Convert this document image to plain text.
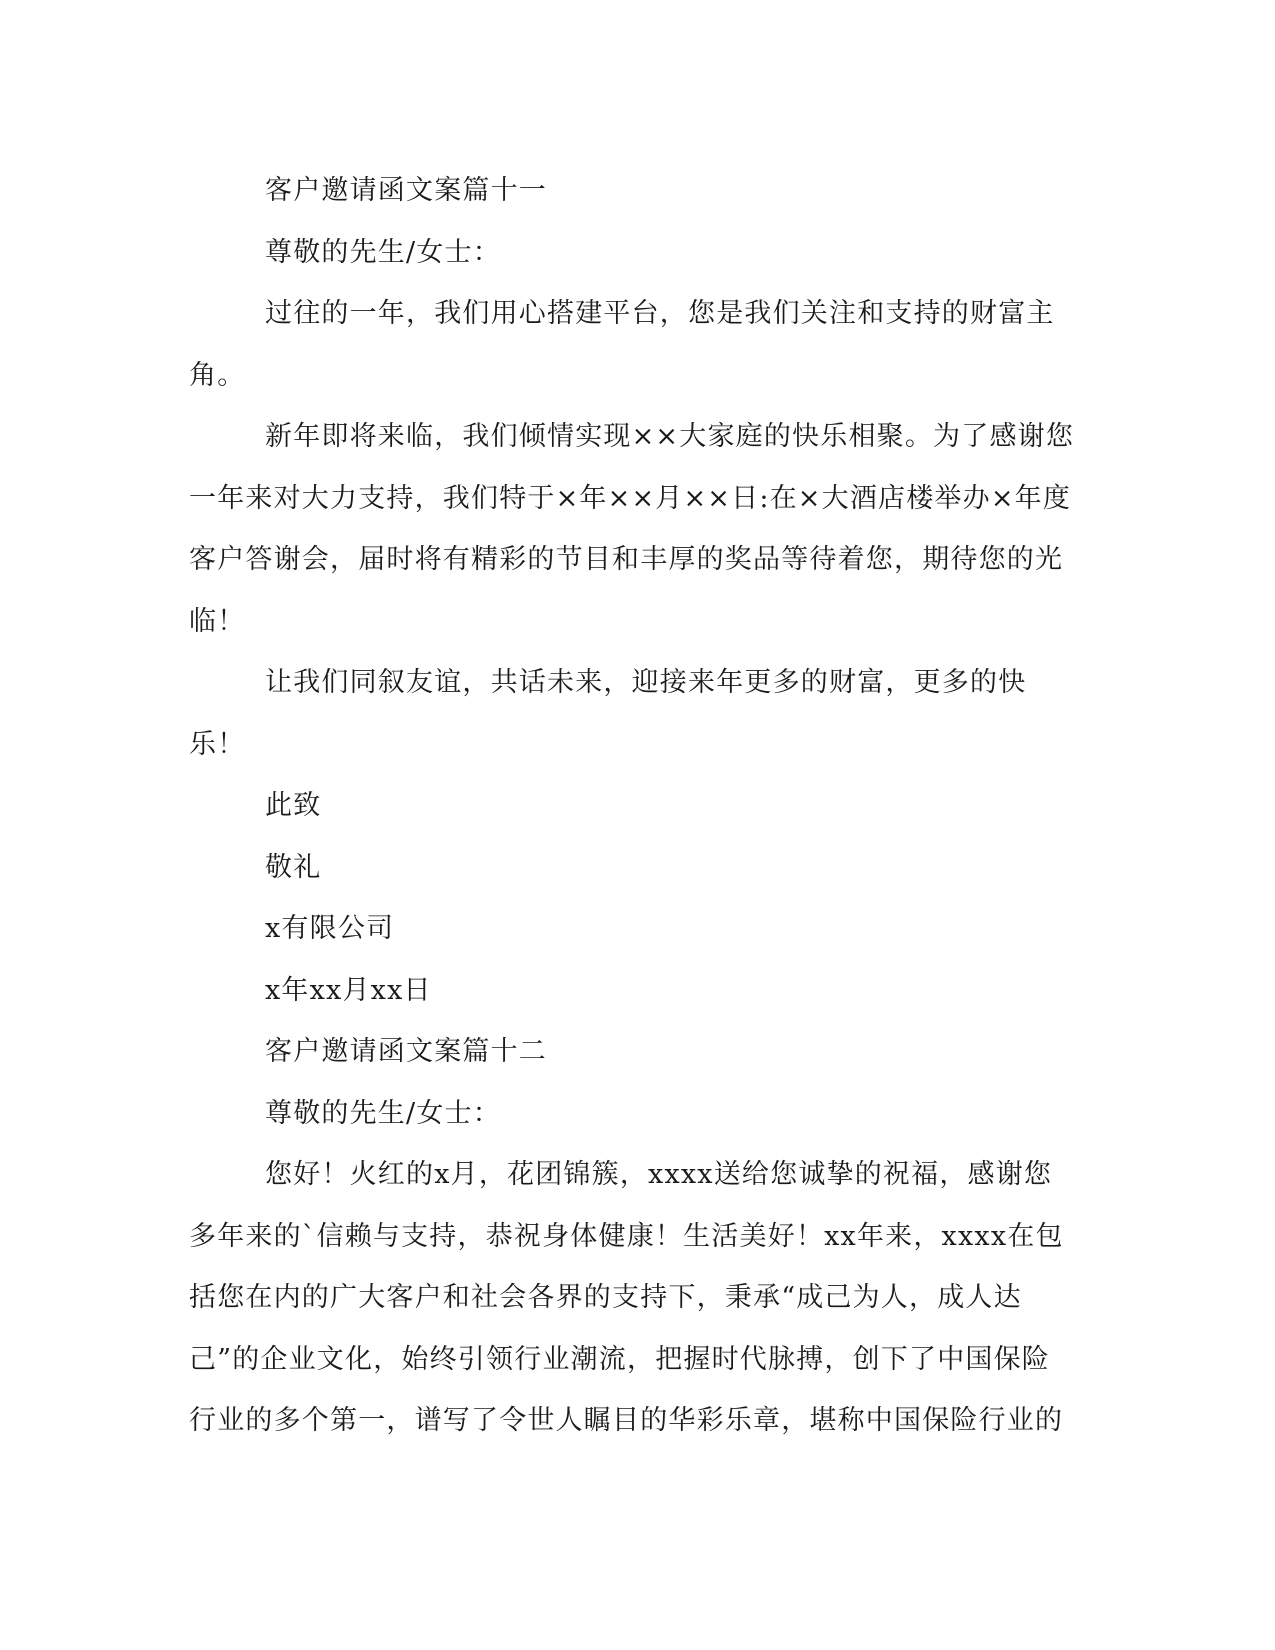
客户邀请函文案篇十一

尊敬的先生/女士：

过往的一年，我们用心搭建平台，您是我们关注和支持的财富主角。

新年即将来临，我们倾情实现××大家庭的快乐相聚。为了感谢您一年来对大力支持，我们特于×年××月××日:在×大酒店楼举办×年度客户答谢会，届时将有精彩的节目和丰厚的奖品等待着您，期待您的光临！

让我们同叙友谊，共话未来，迎接来年更多的财富，更多的快乐！

此致

敬礼

x有限公司

x年xx月xx日

客户邀请函文案篇十二

尊敬的先生/女士：

您好！火红的x月，花团锦簇，xxxx送给您诚挚的祝福，感谢您多年来的`信赖与支持，恭祝身体健康！生活美好！xx年来，xxxx在包括您在内的广大客户和社会各界的支持下，秉承“成己为人，成人达己”的企业文化，始终引领行业潮流，把握时代脉搏，创下了中国保险行业的多个第一，谱写了令世人瞩目的华彩乐章，堪称中国保险行业的
